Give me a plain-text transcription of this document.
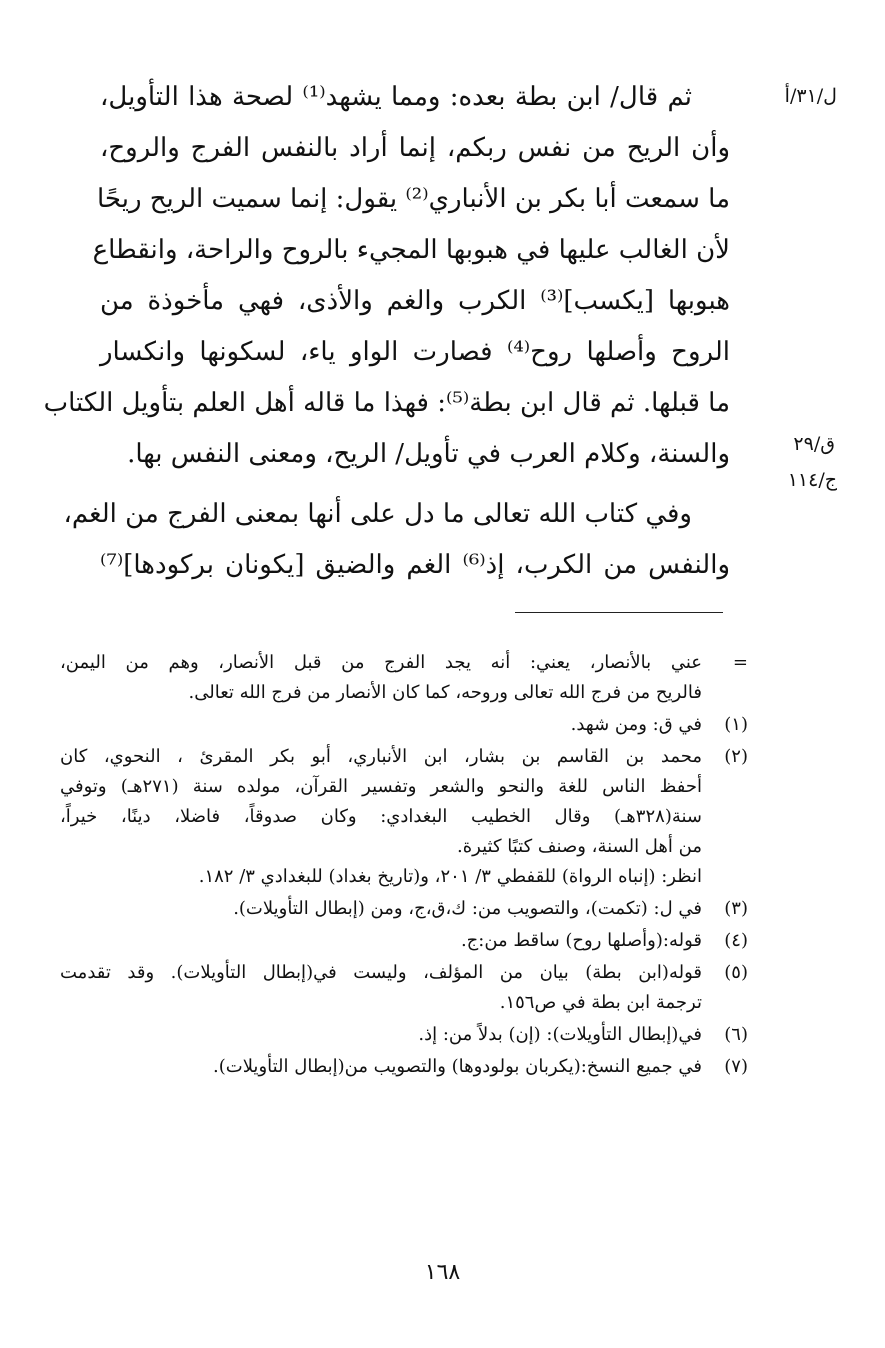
ل/٣١/أ
ق/٢٩
ج/١١٤
ثم قال/ ابن بطة بعده: ومما يشهد⁽¹⁾ لصحة هذا التأويل،
وأن الريح من نفس ربكم، إنما أراد بالنفس الفرج والروح،
ما سمعت أبا بكر بن الأنباري⁽²⁾ يقول: إنما سميت الريح ريحًا
لأن الغالب عليها في هبوبها المجيء بالروح والراحة، وانقطاع
هبوبها [يكسب]⁽³⁾ الكرب والغم والأذى، فهي مأخوذة من
الروح وأصلها روح⁽⁴⁾ فصارت الواو ياء، لسكونها وانكسار
ما قبلها. ثم قال ابن بطة⁽⁵⁾: فهذا ما قاله أهل العلم بتأويل الكتاب
والسنة، وكلام العرب في تأويل/ الريح، ومعنى النفس بها.
وفي كتاب الله تعالى ما دل على أنها بمعنى الفرج من الغم،
والنفس من الكرب، إذ⁽⁶⁾ الغم والضيق [يكونان بركودها]⁽⁷⁾
=
عني بالأنصار، يعني: أنه يجد الفرج من قبل الأنصار، وهم من اليمن،
فالريح من فرج الله تعالى وروحه، كما كان الأنصار من فرج الله تعالى.
(١)
في ق: ومن شهد.
(٢)
محمد بن القاسم بن بشار، ابن الأنباري، أبو بكر المقرئ ، النحوي، كان
أحفظ الناس للغة والنحو والشعر وتفسير القرآن، مولده سنة (٢٧١هـ) وتوفي
سنة(٣٢٨هـ) وقال الخطيب البغدادي: وكان صدوقاً، فاضلا، دينًا، خيراً،
من أهل السنة، وصنف كتبًا كثيرة.
انظر: (إنباه الرواة) للقفطي ٣/ ٢٠١، و(تاريخ بغداد) للبغدادي ٣/ ١٨٢.
(٣)
في ل: (تكمت)، والتصويب من: ك،ق،ج، ومن (إبطال التأويلات).
(٤)
قوله:(وأصلها روح) ساقط من:ج.
(٥)
قوله(ابن بطة) بيان من المؤلف، وليست في(إبطال التأويلات). وقد تقدمت
ترجمة ابن بطة في ص١٥٦.
(٦)
في(إبطال التأويلات): (إن) بدلاً من: إذ.
(٧)
في جميع النسخ:(يكربان بولودوها) والتصويب من(إبطال التأويلات).
١٦٨
